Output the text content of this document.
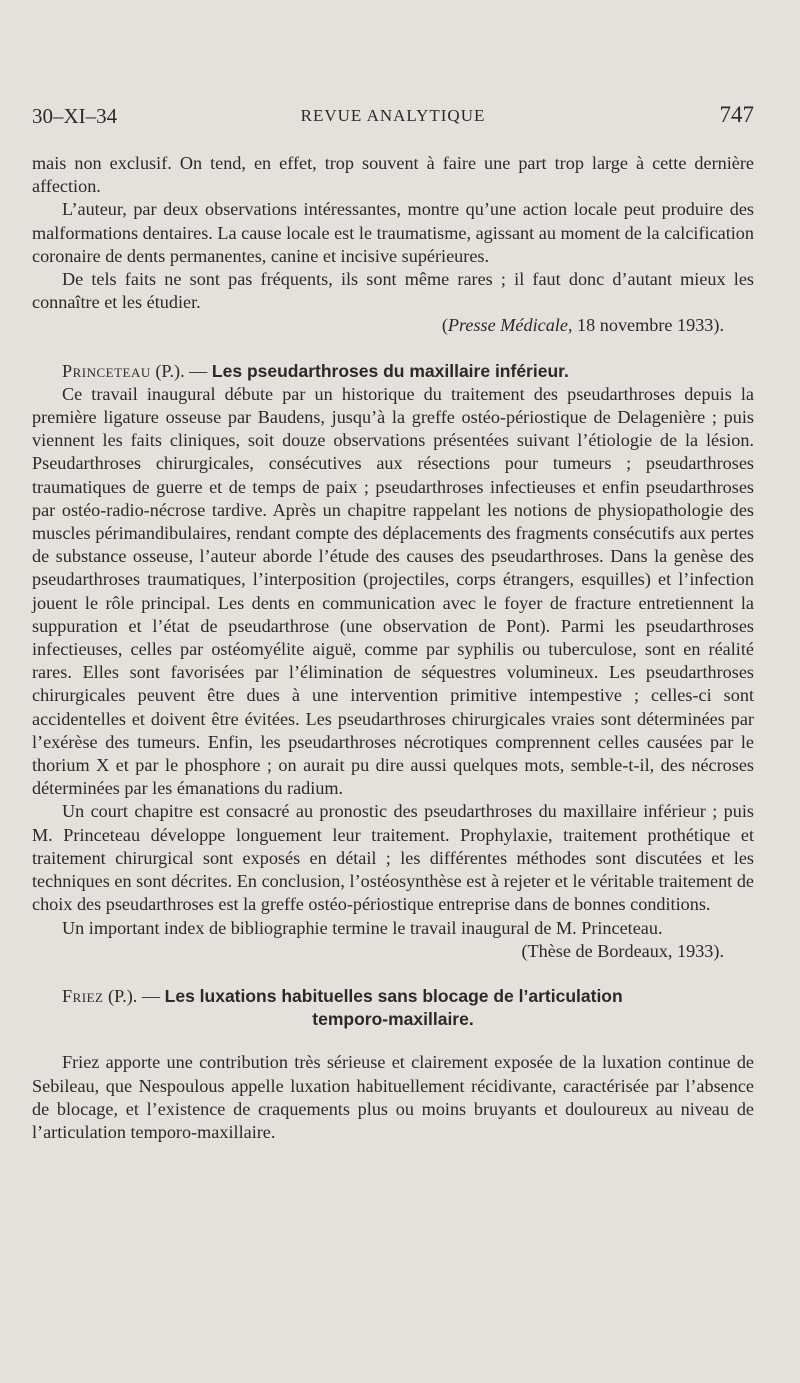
30–XI–34	REVUE ANALYTIQUE	747

mais non exclusif. On tend, en effet, trop souvent à faire une part trop large à cette dernière affection.

L’auteur, par deux observations intéressantes, montre qu’une action locale peut produire des malformations dentaires. La cause locale est le traumatisme, agissant au moment de la calcification coronaire de dents permanentes, canine et incisive supérieures.

De tels faits ne sont pas fréquents, ils sont même rares ; il faut donc d’autant mieux les connaître et les étudier.

(Presse Médicale, 18 novembre 1933).

Princeteau (P.). — Les pseudarthroses du maxillaire inférieur.

Ce travail inaugural débute par un historique du traitement des pseudarthroses depuis la première ligature osseuse par Baudens, jusqu’à la greffe ostéo-périostique de Delagenière ; puis viennent les faits cliniques, soit douze observations présentées suivant l’étiologie de la lésion. Pseudarthroses chirurgicales, consécutives aux résections pour tumeurs ; pseudarthroses traumatiques de guerre et de temps de paix ; pseudarthroses infectieuses et enfin pseudarthroses par ostéo-radio-nécrose tardive. Après un chapitre rappelant les notions de physiopathologie des muscles périmandibulaires, rendant compte des déplacements des fragments consécutifs aux pertes de substance osseuse, l’auteur aborde l’étude des causes des pseudarthroses. Dans la genèse des pseudarthroses traumatiques, l’interposition (projectiles, corps étrangers, esquilles) et l’infection jouent le rôle principal. Les dents en communication avec le foyer de fracture entretiennent la suppuration et l’état de pseudarthrose (une observation de Pont). Parmi les pseudarthroses infectieuses, celles par ostéomyélite aiguë, comme par syphilis ou tuberculose, sont en réalité rares. Elles sont favorisées par l’élimination de séquestres volumineux. Les pseudarthroses chirurgicales peuvent être dues à une intervention primitive intempestive ; celles-ci sont accidentelles et doivent être évitées. Les pseudarthroses chirurgicales vraies sont déterminées par l’exérèse des tumeurs. Enfin, les pseudarthroses nécrotiques comprennent celles causées par le thorium X et par le phosphore ; on aurait pu dire aussi quelques mots, semble-t-il, des nécroses déterminées par les émanations du radium.

Un court chapitre est consacré au pronostic des pseudarthroses du maxillaire inférieur ; puis M. Princeteau développe longuement leur traitement. Prophylaxie, traitement prothétique et traitement chirurgical sont exposés en détail ; les différentes méthodes sont discutées et les techniques en sont décrites. En conclusion, l’ostéosynthèse est à rejeter et le véritable traitement de choix des pseudarthroses est la greffe ostéo-périostique entreprise dans de bonnes conditions.

Un important index de bibliographie termine le travail inaugural de M. Princeteau.

(Thèse de Bordeaux, 1933).

Friez (P.). — Les luxations habituelles sans blocage de l’articulation

temporo-maxillaire.

Friez apporte une contribution très sérieuse et clairement exposée de la luxation continue de Sebileau, que Nespoulous appelle luxation habituellement récidivante, caractérisée par l’absence de blocage, et l’existence de craquements plus ou moins bruyants et douloureux au niveau de l’articulation temporo-maxillaire.
